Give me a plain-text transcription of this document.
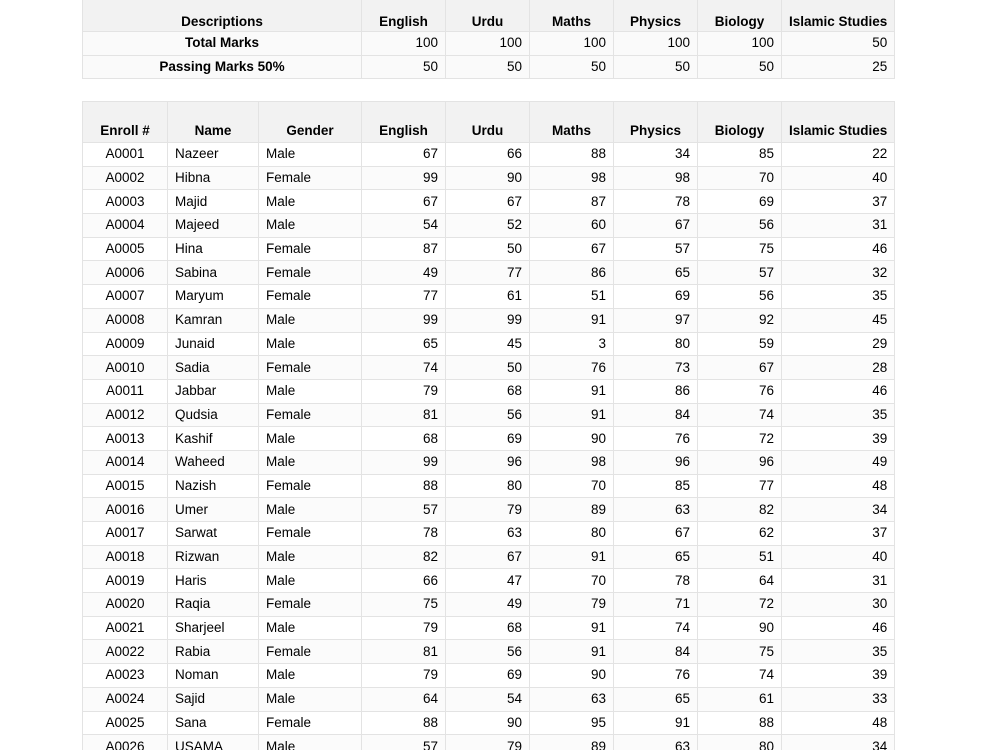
Descriptions	English	Urdu	Maths	Physics	Biology	Islamic Studies
Total Marks	100	100	100	100	100	50
Passing Marks 50%	50	50	50	50	50	25
Enroll #	Name	Gender	English	Urdu	Maths	Physics	Biology	Islamic Studies
A0001	Nazeer	Male	67	66	88	34	85	22
A0002	Hibna	Female	99	90	98	98	70	40
A0003	Majid	Male	67	67	87	78	69	37
A0004	Majeed	Male	54	52	60	67	56	31
A0005	Hina	Female	87	50	67	57	75	46
A0006	Sabina	Female	49	77	86	65	57	32
A0007	Maryum	Female	77	61	51	69	56	35
A0008	Kamran	Male	99	99	91	97	92	45
A0009	Junaid	Male	65	45	3	80	59	29
A0010	Sadia	Female	74	50	76	73	67	28
A0011	Jabbar	Male	79	68	91	86	76	46
A0012	Qudsia	Female	81	56	91	84	74	35
A0013	Kashif	Male	68	69	90	76	72	39
A0014	Waheed	Male	99	96	98	96	96	49
A0015	Nazish	Female	88	80	70	85	77	48
A0016	Umer	Male	57	79	89	63	82	34
A0017	Sarwat	Female	78	63	80	67	62	37
A0018	Rizwan	Male	82	67	91	65	51	40
A0019	Haris	Male	66	47	70	78	64	31
A0020	Raqia	Female	75	49	79	71	72	30
A0021	Sharjeel	Male	79	68	91	74	90	46
A0022	Rabia	Female	81	56	91	84	75	35
A0023	Noman	Male	79	69	90	76	74	39
A0024	Sajid	Male	64	54	63	65	61	33
A0025	Sana	Female	88	90	95	91	88	48
A0026	USAMA	Male	57	79	89	63	80	34
